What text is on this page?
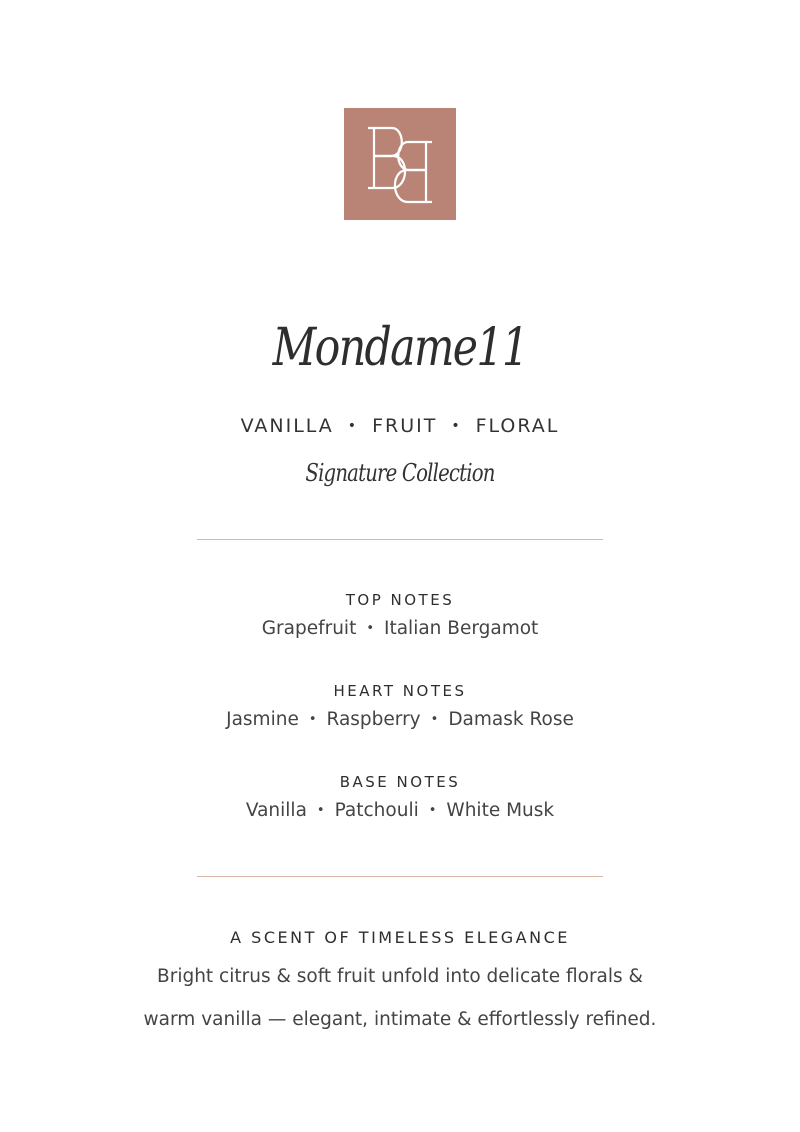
Mondame11
VANILLA • FRUIT • FLORAL
Signature Collection
TOP NOTES
Grapefruit • Italian Bergamot
HEART NOTES
Jasmine • Raspberry • Damask Rose
BASE NOTES
Vanilla • Patchouli • White Musk
A SCENT OF TIMELESS ELEGANCE
Bright citrus & soft fruit unfold into delicate florals &
warm vanilla — elegant, intimate & effortlessly refined.
